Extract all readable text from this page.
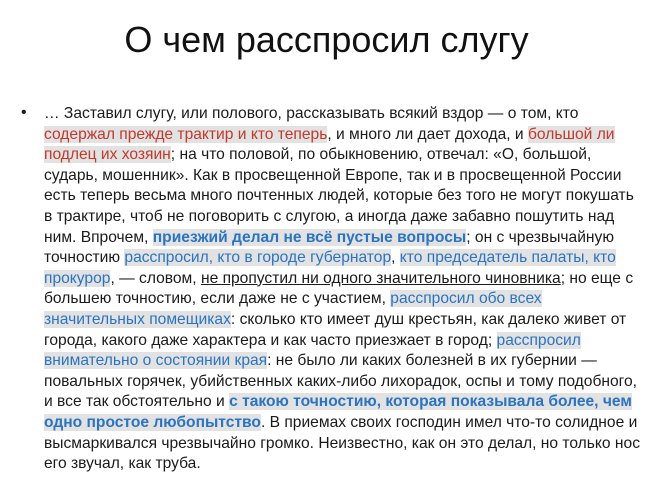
О чем расспросил слугу
• … Заставил слугу, или полового, рассказывать всякий вздор — о том, кто содержал прежде трактир и кто теперь, и много ли дает дохода, и большой ли подлец их хозяин; на что половой, по обыкновению, отвечал: «О, большой, сударь, мошенник». Как в просвещенной Европе, так и в просвещенной России есть теперь весьма много почтенных людей, которые без того не могут покушать в трактире, чтоб не поговорить с слугою, а иногда даже забавно пошутить над ним. Впрочем, приезжий делал не всё пустые вопросы; он с чрезвычайную точностию расспросил, кто в городе губернатор, кто председатель палаты, кто прокурор, — словом, не пропустил ни одного значительного чиновника; но еще с большею точностию, если даже не с участием, расспросил обо всех значительных помещиках: сколько кто имеет душ крестьян, как далеко живет от города, какого даже характера и как часто приезжает в город; расспросил внимательно о состоянии края: не было ли каких болезней в их губернии — повальных горячек, убийственных каких-либо лихорадок, оспы и тому подобного, и все так обстоятельно и с такою точностию, которая показывала более, чем одно простое любопытство. В приемах своих господин имел что-то солидное и высмаркивался чрезвычайно громко. Неизвестно, как он это делал, но только нос его звучал, как труба.
